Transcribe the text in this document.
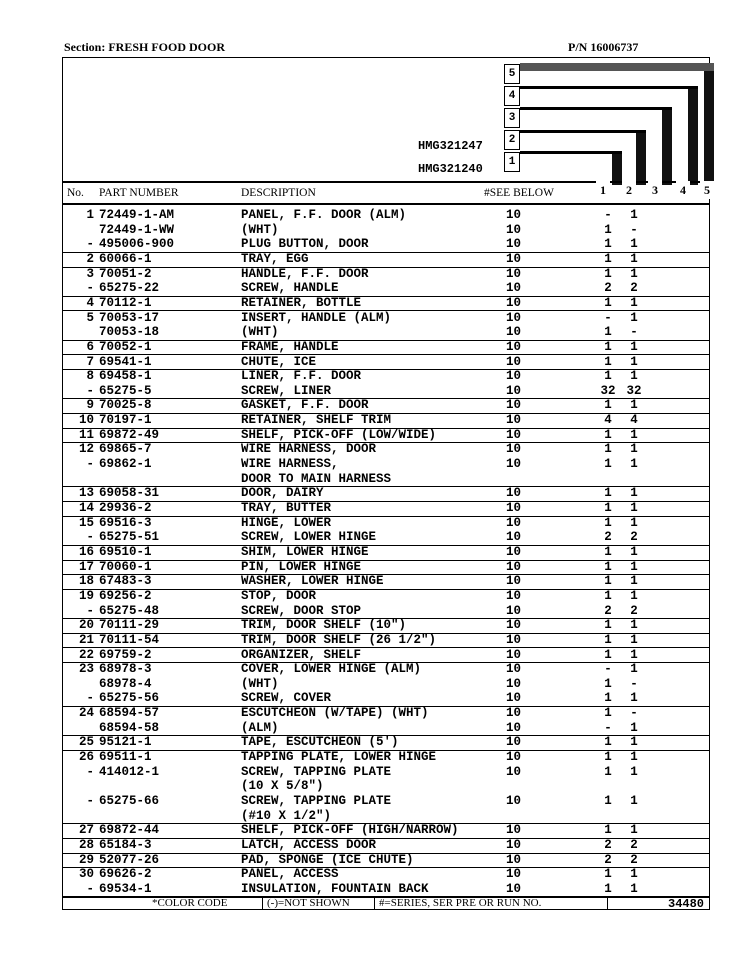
Section: FRESH FOOD DOOR	P/N 16006737
5
4
3
2
1
HMG321247
HMG321240
No. PART NUMBER	DESCRIPTION	#SEE BELOW	1	2	3	4	5
1 72449-1-AM	PANEL, F.F. DOOR (ALM)	10	-	1
72449-1-WW	(WHT)	10	1	-
- 495006-900	PLUG BUTTON, DOOR	10	1	1
2 60066-1	TRAY, EGG	10	1	1
3 70051-2	HANDLE, F.F. DOOR	10	1	1
- 65275-22	SCREW, HANDLE	10	2	2
4 70112-1	RETAINER, BOTTLE	10	1	1
5 70053-17	INSERT, HANDLE (ALM)	10	-	1
70053-18	(WHT)	10	1	-
6 70052-1	FRAME, HANDLE	10	1	1
7 69541-1	CHUTE, ICE	10	1	1
8 69458-1	LINER, F.F. DOOR	10	1	1
- 65275-5	SCREW, LINER	10	32 32
9 70025-8	GASKET, F.F. DOOR	10	1	1
10 70197-1	RETAINER, SHELF TRIM	10	4	4
11 69872-49	SHELF, PICK-OFF (LOW/WIDE)	10	1	1
12 69865-7	WIRE HARNESS, DOOR	10	1	1
- 69862-1	WIRE HARNESS,	10	1	1
DOOR TO MAIN HARNESS
13 69058-31	DOOR, DAIRY	10	1	1
14 29936-2	TRAY, BUTTER	10	1	1
15 69516-3	HINGE, LOWER	10	1	1
- 65275-51	SCREW, LOWER HINGE	10	2	2
16 69510-1	SHIM, LOWER HINGE	10	1	1
17 70060-1	PIN, LOWER HINGE	10	1	1
18 67483-3	WASHER, LOWER HINGE	10	1	1
19 69256-2	STOP, DOOR	10	1	1
- 65275-48	SCREW, DOOR STOP	10	2	2
20 70111-29	TRIM, DOOR SHELF (10")	10	1	1
21 70111-54	TRIM, DOOR SHELF (26 1/2")	10	1	1
22 69759-2	ORGANIZER, SHELF	10	1	1
23 68978-3	COVER, LOWER HINGE (ALM)	10	-	1
68978-4	(WHT)	10	1	-
- 65275-56	SCREW, COVER	10	1	1
24 68594-57	ESCUTCHEON (W/TAPE) (WHT)	10	1	-
68594-58	(ALM)	10	-	1
25 95121-1	TAPE, ESCUTCHEON (5')	10	1	1
26 69511-1	TAPPING PLATE, LOWER HINGE	10	1	1
- 414012-1	SCREW, TAPPING PLATE	10	1	1
(10 X 5/8")
- 65275-66	SCREW, TAPPING PLATE	10	1	1
(#10 X 1/2")
27 69872-44	SHELF, PICK-OFF (HIGH/NARROW)	10	1	1
28 65184-3	LATCH, ACCESS DOOR	10	2	2
29 52077-26	PAD, SPONGE (ICE CHUTE)	10	2	2
30 69626-2	PANEL, ACCESS	10	1	1
- 69534-1	INSULATION, FOUNTAIN BACK	10	1	1
*COLOR CODE	(-)=NOT SHOWN	#=SERIES, SER PRE OR RUN NO.	34480
